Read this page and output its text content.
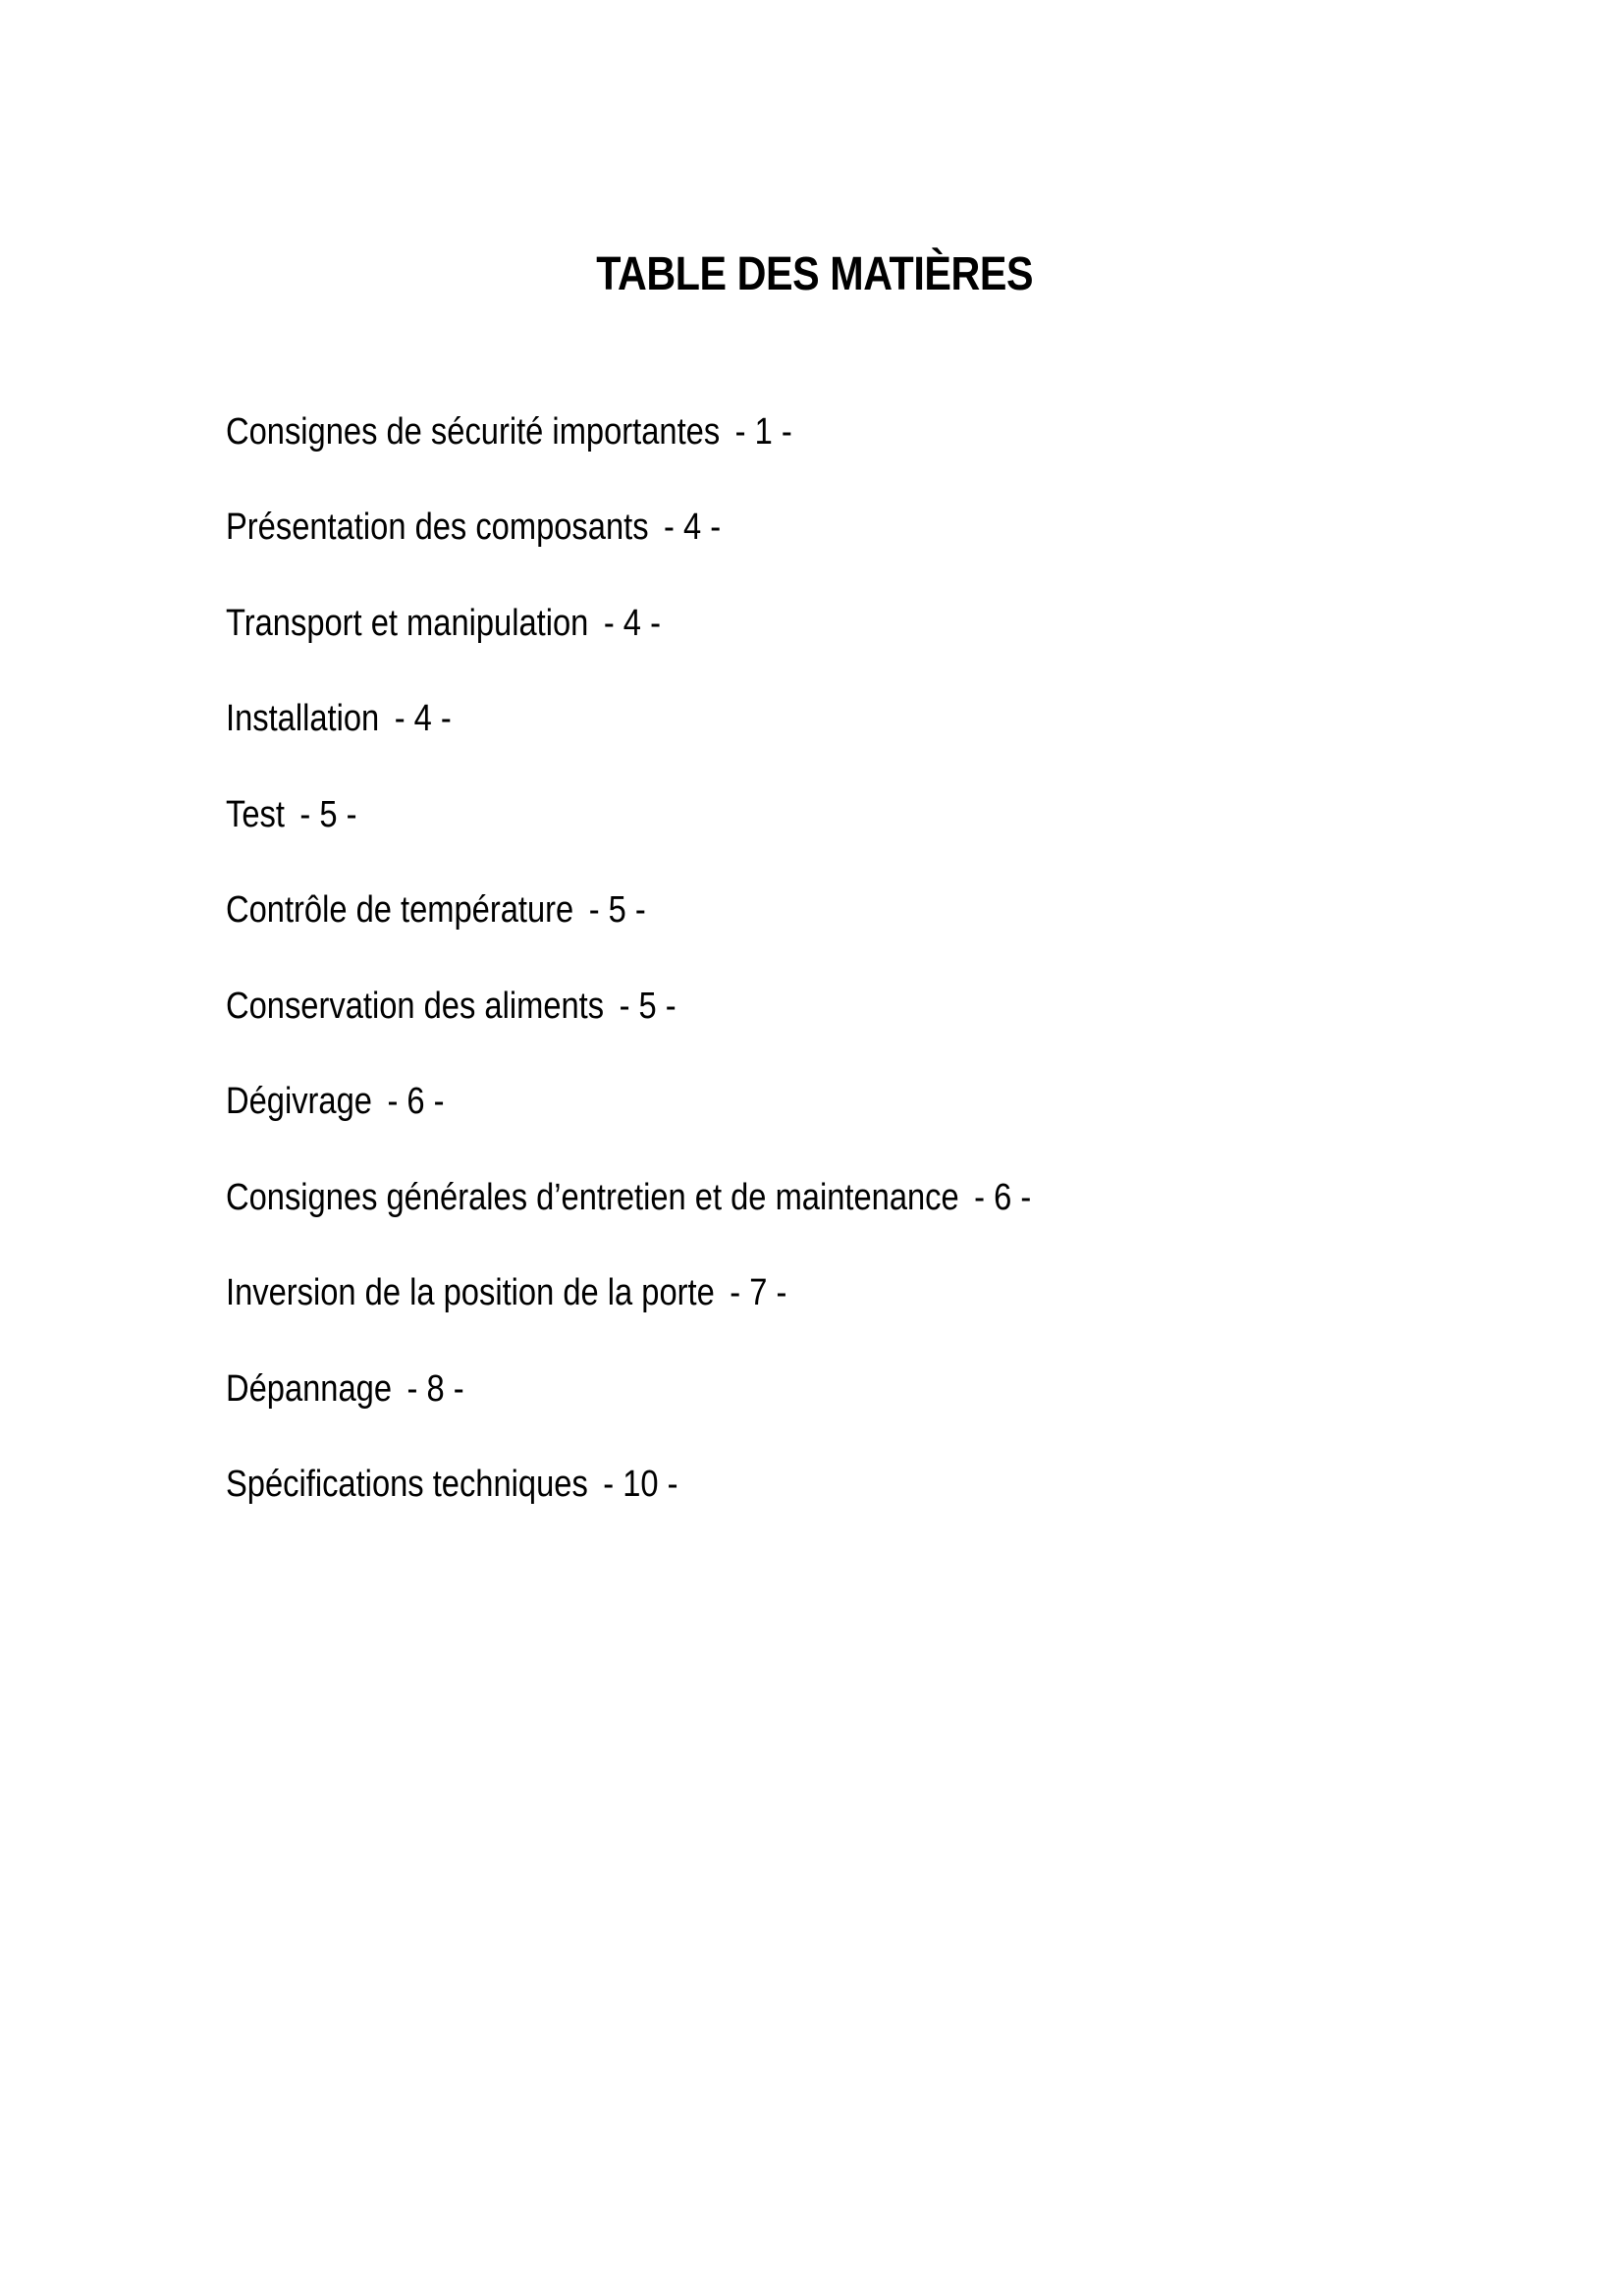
TABLE DES MATIÈRES
Consignes de sécurité importantes - 1 -
Présentation des composants - 4 -
Transport et manipulation - 4 -
Installation - 4 -
Test - 5 -
Contrôle de température - 5 -
Conservation des aliments - 5 -
Dégivrage - 6 -
Consignes générales d’entretien et de maintenance - 6 -
Inversion de la position de la porte - 7 -
Dépannage - 8 -
Spécifications techniques - 10 -
